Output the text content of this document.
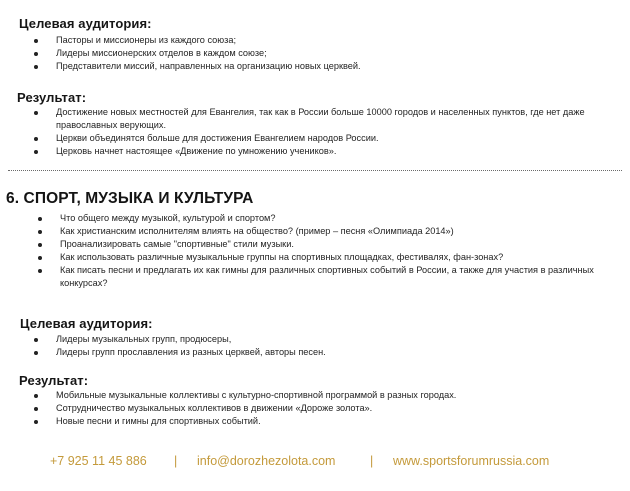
Целевая аудитория:
Пасторы и миссионеры из каждого союза;
Лидеры миссионерских отделов в каждом союзе;
Представители миссий, направленных на организацию новых церквей.
Результат:
Достижение новых местностей для Евангелия, так как в России больше 10000 городов и населенных пунктов, где нет даже православных верующих.
Церкви объединятся больше для достижения Евангелием народов России.
Церковь начнет настоящее «Движение по умножению учеников».
6. СПОРТ, МУЗЫКА И КУЛЬТУРА
Что общего между музыкой, культурой и спортом?
Как христианским исполнителям влиять на общество? (пример – песня «Олимпиада 2014»)
Проанализировать самые "спортивные" стили музыки.
Как использовать различные музыкальные группы на спортивных площадках, фестивалях, фан-зонах?
Как писать песни и предлагать их как гимны для различных спортивных событий в России, а также для участия в различных конкурсах?
Целевая аудитория:
Лидеры музыкальных групп, продюсеры,
Лидеры групп прославления из разных церквей, авторы песен.
Результат:
Мобильные музыкальные коллективы с культурно-спортивной программой в разных городах.
Сотрудничество музыкальных коллективов в движении «Дороже золота».
Новые песни и гимны для спортивных событий.
+7 925 11 45 886 | info@dorozhezolota.com	| www.sportsforumrussia.com
